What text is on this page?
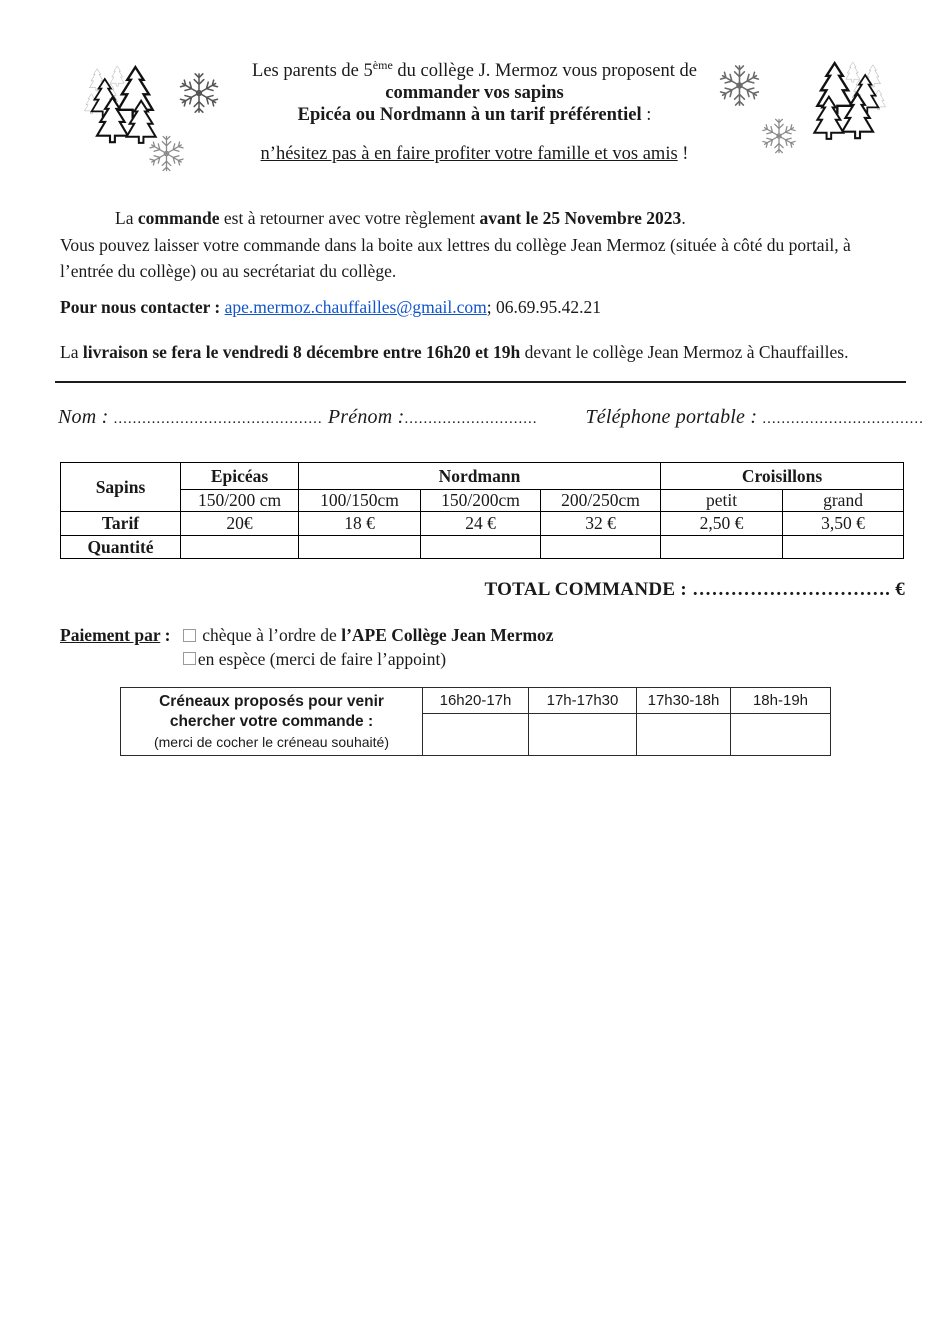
Les parents de 5ème du collège J. Mermoz vous proposent de
commander vos sapins
Epicéa ou Nordmann à un tarif préférentiel :
n’hésitez pas à en faire profiter votre famille et vos amis !
La commande est à retourner avec votre règlement avant le 25 Novembre 2023.
Vous pouvez laisser votre commande dans la boite aux lettres du collège Jean Mermoz (située à côté du portail, à l’entrée du collège) ou au secrétariat du collège.
Pour nous contacter : ape.mermoz.chauffailles@gmail.com; 06.69.95.42.21
La livraison se fera le vendredi 8 décembre entre 16h20 et 19h devant le collège Jean Mermoz à Chauffailles.
Nom : ............................................ Prénom :............................ Téléphone portable : ..................................
Sapins	Epicéas	Nordmann			Croisillons	
	150/200 cm	100/150cm	150/200cm	200/250cm	petit	grand
Tarif	20€	18 €	24 €	32 €	2,50 €	3,50 €
Quantité						
TOTAL COMMANDE : …………………………. €
Paiement par :	chèque à l’ordre de l’APE Collège Jean Mermoz
en espèce (merci de faire l’appoint)
Créneaux proposés pour venir
chercher votre commande :
(merci de cocher le créneau souhaité)	16h20-17h	17h-17h30	17h30-18h	18h-19h
